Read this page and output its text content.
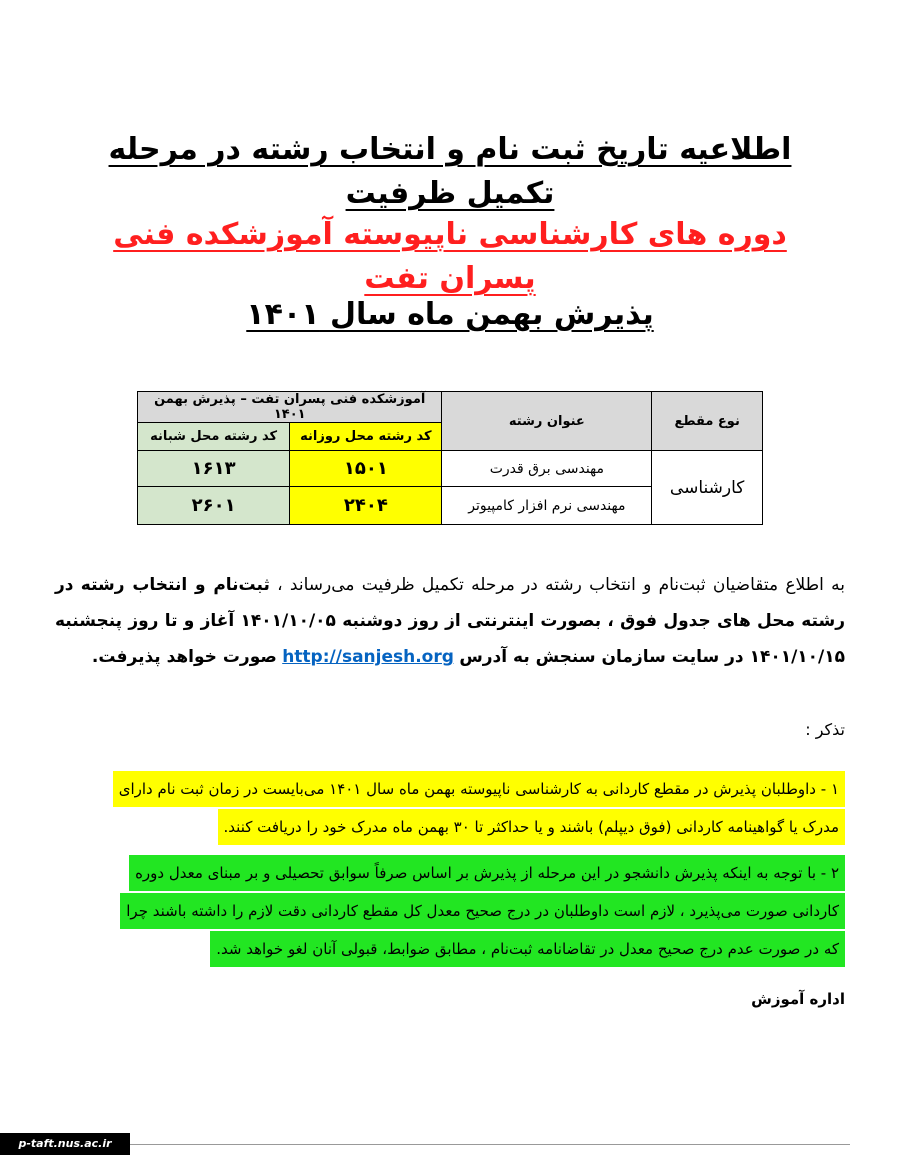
اطلاعیه تاریخ ثبت نام و انتخاب رشته در مرحله تکمیل ظرفیت
دوره های کارشناسی ناپیوسته آموزشکده فنی پسران تفت
پذیرش بهمن ماه سال ۱۴۰۱
نوع مقطع	عنوان رشته	آموزشکده فنی پسران تفت – پذیرش بهمن ۱۴۰۱	
		کد رشته محل روزانه	کد رشته محل شبانه
کارشناسی	مهندسی برق قدرت	۱۵۰۱	۱۶۱۳
	مهندسی نرم افزار کامپیوتر	۲۴۰۴	۲۶۰۱
به اطلاع متقاضیان ثبت‌نام و انتخاب رشته در مرحله تکمیل ظرفیت می‌رساند ، ثبت‌نام و انتخاب رشته در رشته محل های جدول فوق ، بصورت اینترنتی از روز دوشنبه ۱۴۰۱/۱۰/۰۵ آغاز و تا روز پنجشنبه ۱۴۰۱/۱۰/۱۵ در سایت سازمان سنجش به آدرس http://sanjesh.org صورت خواهد پذیرفت.
تذکر :
۱ - داوطلبان پذیرش در مقطع کاردانی به کارشناسی ناپیوسته بهمن ماه سال ۱۴۰۱ می‌بایست در زمان ثبت نام دارای
مدرک یا گواهینامه کاردانی (فوق دیپلم) باشند و یا حداکثر تا ۳۰ بهمن ماه مدرک خود را دریافت کنند.
۲ - با توجه به اینکه پذیرش دانشجو در این مرحله از پذیرش بر اساس صرفاً سوابق تحصیلی و بر مبنای معدل دوره
کاردانی صورت می‌پذیرد ، لازم است داوطلبان در درج صحیح معدل کل مقطع کاردانی دقت لازم را داشته باشند چرا
که در صورت عدم درج صحیح معدل در تقاضانامه ثبت‌نام ، مطابق ضوابط، قبولی آنان لغو خواهد شد.
اداره آموزش
p-taft.nus.ac.ir
